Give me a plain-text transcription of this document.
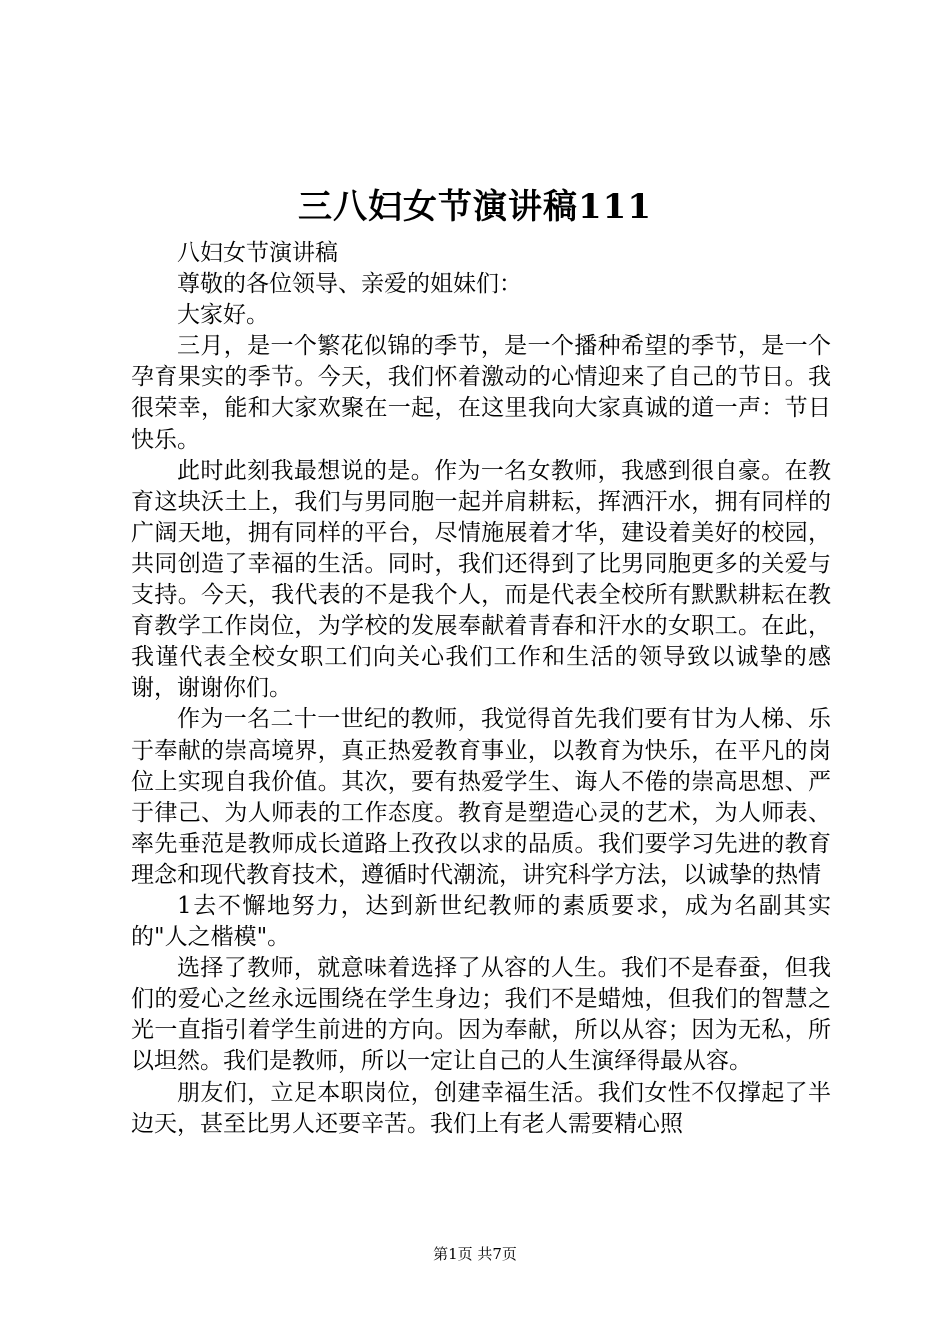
三八妇女节演讲稿111

八妇女节演讲稿

尊敬的各位领导、亲爱的姐妹们：

大家好。

三月，是一个繁花似锦的季节，是一个播种希望的季节，是一个孕育果实的季节。今天，我们怀着激动的心情迎来了自己的节日。我很荣幸，能和大家欢聚在一起，在这里我向大家真诚的道一声：节日快乐。

此时此刻我最想说的是。作为一名女教师，我感到很自豪。在教育这块沃土上，我们与男同胞一起并肩耕耘，挥洒汗水，拥有同样的广阔天地，拥有同样的平台，尽情施展着才华，建设着美好的校园，共同创造了幸福的生活。同时，我们还得到了比男同胞更多的关爱与支持。今天，我代表的不是我个人，而是代表全校所有默默耕耘在教育教学工作岗位，为学校的发展奉献着青春和汗水的女职工。在此，我谨代表全校女职工们向关心我们工作和生活的领导致以诚挚的感谢，谢谢你们。

作为一名二十一世纪的教师，我觉得首先我们要有甘为人梯、乐于奉献的崇高境界，真正热爱教育事业，以教育为快乐，在平凡的岗位上实现自我价值。其次，要有热爱学生、诲人不倦的崇高思想、严于律己、为人师表的工作态度。教育是塑造心灵的艺术，为人师表、率先垂范是教师成长道路上孜孜以求的品质。我们要学习先进的教育理念和现代教育技术，遵循时代潮流，讲究科学方法，以诚挚的热情

1去不懈地努力，达到新世纪教师的素质要求，成为名副其实的"人之楷模"。

选择了教师，就意味着选择了从容的人生。我们不是春蚕，但我们的爱心之丝永远围绕在学生身边；我们不是蜡烛，但我们的智慧之光一直指引着学生前进的方向。因为奉献，所以从容；因为无私，所以坦然。我们是教师，所以一定让自己的人生演绎得最从容。

朋友们，立足本职岗位，创建幸福生活。我们女性不仅撑起了半边天，甚至比男人还要辛苦。我们上有老人需要精心照

第1页 共7页
